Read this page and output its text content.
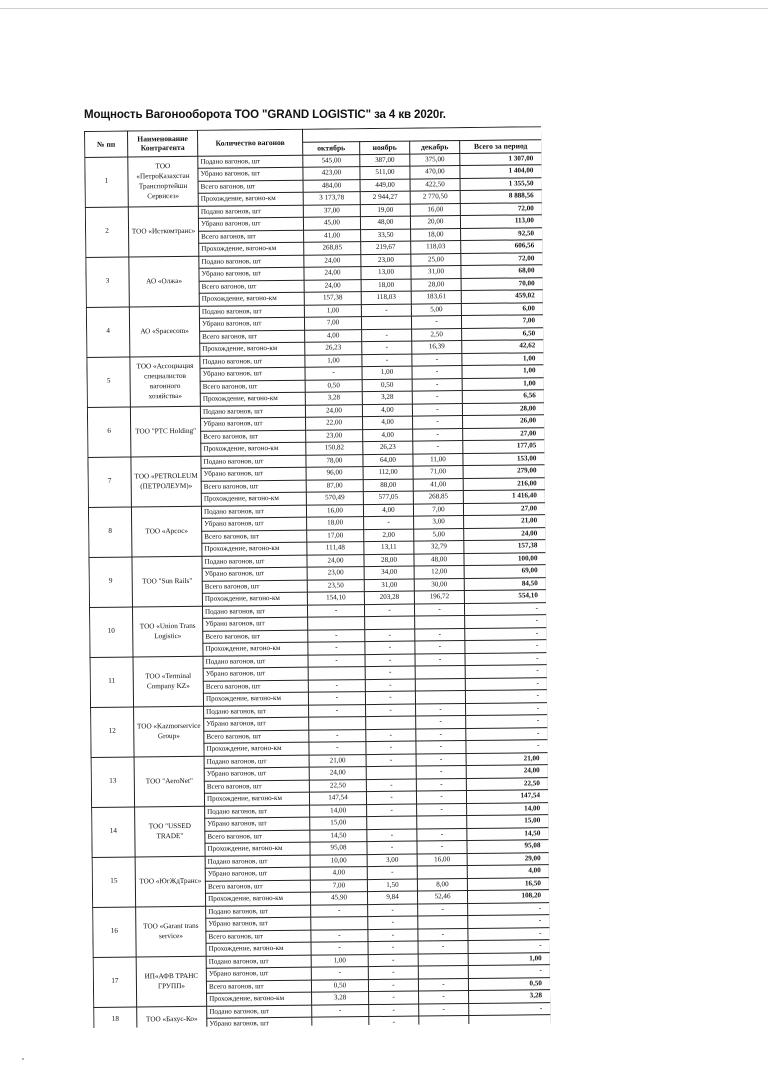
Мощность Вагонооборота ТОО "GRAND LOGISTIC" за 4 кв 2020г.
№ пп	Наименование Контрагента	Количество вагонов				
			октябрь	ноябрь	декабрь	Всего за период
1	ТОО «ПетроКазахстан Транспортейшн Сервисез»	Подано вагонов, шт	545,00	387,00	375,00	1 307,00
		Убрано вагонов, шт	423,00	511,00	470,00	1 404,00
		Всего вагонов, шт	484,00	449,00	422,50	1 355,50
		Прохождение, вагоно-км	3 173,78	2 944,27	2 770,50	8 888,56
2	ТОО «Исткомтранс»	Подано вагонов, шт	37,00	19,00	16,00	72,00
		Убрано вагонов, шт	45,00	48,00	20,00	113,00
		Всего вагонов, шт	41,00	33,50	18,00	92,50
		Прохождение, вагоно-км	268,85	219,67	118,03	606,56
3	АО «Олжа»	Подано вагонов, шт	24,00	23,00	25,00	72,00
		Убрано вагонов, шт	24,00	13,00	31,00	68,00
		Всего вагонов, шт	24,00	18,00	28,00	70,00
		Прохождение, вагоно-км	157,38	118,03	183,61	459,02
4	АО «Spacecom»	Подано вагонов, шт	1,00	-	5,00	6,00
		Убрано вагонов, шт	7,00		-	7,00
		Всего вагонов, шт	4,00	-	2,50	6,50
		Прохождение, вагоно-км	26,23	-	16,39	42,62
5	ТОО «Ассоциация специалистов вагонного хозяйства»	Подано вагонов, шт	1,00	-	-	1,00
		Убрано вагонов, шт	-	1,00	-	1,00
		Всего вагонов, шт	0,50	0,50	-	1,00
		Прохождение, вагоно-км	3,28	3,28	-	6,56
6	ТОО "PTC Holding"	Подано вагонов, шт	24,00	4,00	-	28,00
		Убрано вагонов, шт	22,00	4,00	-	26,00
		Всего вагонов, шт	23,00	4,00	-	27,00
		Прохождение, вагоно-км	150,82	26,23	-	177,05
7	ТОО «PETROLEUM (ПЕТРОЛЕУМ)»	Подано вагонов, шт	78,00	64,00	11,00	153,00
		Убрано вагонов, шт	96,00	112,00	71,00	279,00
		Всего вагонов, шт	87,00	88,00	41,00	216,00
		Прохождение, вагоно-км	570,49	577,05	268,85	1 416,40
8	ТОО «Арсос»	Подано вагонов, шт	16,00	4,00	7,00	27,00
		Убрано вагонов, шт	18,00	-	3,00	21,00
		Всего вагонов, шт	17,00	2,00	5,00	24,00
		Прохождение, вагоно-км	111,48	13,11	32,79	157,38
9	ТОО "Sun Rails"	Подано вагонов, шт	24,00	28,00	48,00	100,00
		Убрано вагонов, шт	23,00	34,00	12,00	69,00
		Всего вагонов, шт	23,50	31,00	30,00	84,50
		Прохождение, вагоно-км	154,10	203,28	196,72	554,10
10	ТОО «Union Trans Logistic»	Подано вагонов, шт	-	-	-	-
		Убрано вагонов, шт				-
		Всего вагонов, шт	-	-	-	-
		Прохождение, вагоно-км	-	-	-	-
11	ТОО «Terminal Company KZ»	Подано вагонов, шт	-	-	-	-
		Убрано вагонов, шт		-		-
		Всего вагонов, шт	-	-		-
		Прохождение, вагоно-км	-	-		-
12	ТОО «Kazmorservice Group»	Подано вагонов, шт	-	-	-	-
		Убрано вагонов, шт			-	-
		Всего вагонов, шт	-	-	-	-
		Прохождение, вагоно-км	-	-	-	-
13	ТОО "AeroNet"	Подано вагонов, шт	21,00	-	-	21,00
		Убрано вагонов, шт	24,00		-	24,00
		Всего вагонов, шт	22,50	-	-	22,50
		Прохождение, вагоно-км	147,54	-	-	147,54
14	ТОО "USSED TRADE"	Подано вагонов, шт	14,00	-	-	14,00
		Убрано вагонов, шт	15,00			15,00
		Всего вагонов, шт	14,50	-	-	14,50
		Прохождение, вагоно-км	95,08	-	-	95,08
15	ТОО «ЮгЖдТранс»	Подано вагонов, шт	10,00	3,00	16,00	29,00
		Убрано вагонов, шт	4,00	-		4,00
		Всего вагонов, шт	7,00	1,50	8,00	16,50
		Прохождение, вагоно-км	45,90	9,84	52,46	108,20
16	ТОО «Garant trans service»	Подано вагонов, шт	-	-	-	-
		Убрано вагонов, шт		-		-
		Всего вагонов, шт	-	-	-	-
		Прохождение, вагоно-км	-	-	-	-
17	ИП«АФВ ТРАНС ГРУПП»	Подано вагонов, шт	1,00	-		1,00
		Убрано вагонов, шт	-	-		-
		Всего вагонов, шт	0,50	-	-	0,50
		Прохождение, вагоно-км	3,28	-	-	3,28
18	ТОО «Бахус-Ко»	Подано вагонов, шт	-	-	-	-
		Убрано вагонов, шт		-		
